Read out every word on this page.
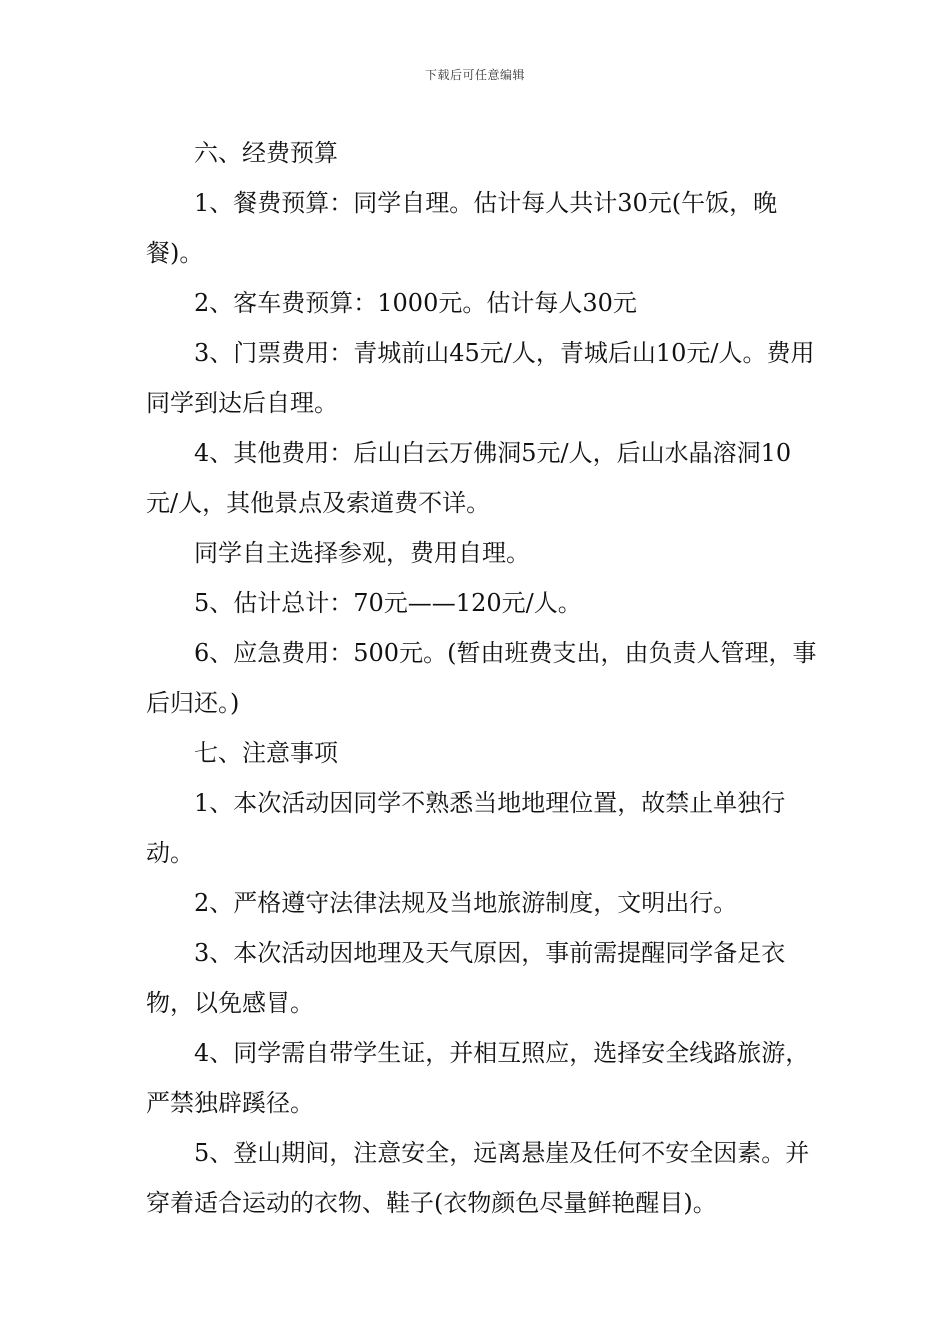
下载后可任意编辑

六、经费预算

1、餐费预算：同学自理。估计每人共计30元(午饭，晚餐)。

2、客车费预算：1000元。估计每人30元

3、门票费用：青城前山45元/人，青城后山10元/人。费用同学到达后自理。

4、其他费用：后山白云万佛洞5元/人，后山水晶溶洞10元/人，其他景点及索道费不详。

同学自主选择参观，费用自理。

5、估计总计：70元——120元/人。

6、应急费用：500元。(暂由班费支出，由负责人管理，事后归还。)

七、注意事项

1、本次活动因同学不熟悉当地地理位置，故禁止单独行动。

2、严格遵守法律法规及当地旅游制度，文明出行。

3、本次活动因地理及天气原因，事前需提醒同学备足衣物，以免感冒。

4、同学需自带学生证，并相互照应，选择安全线路旅游，严禁独辟蹊径。

5、登山期间，注意安全，远离悬崖及任何不安全因素。并穿着适合运动的衣物、鞋子(衣物颜色尽量鲜艳醒目)。
